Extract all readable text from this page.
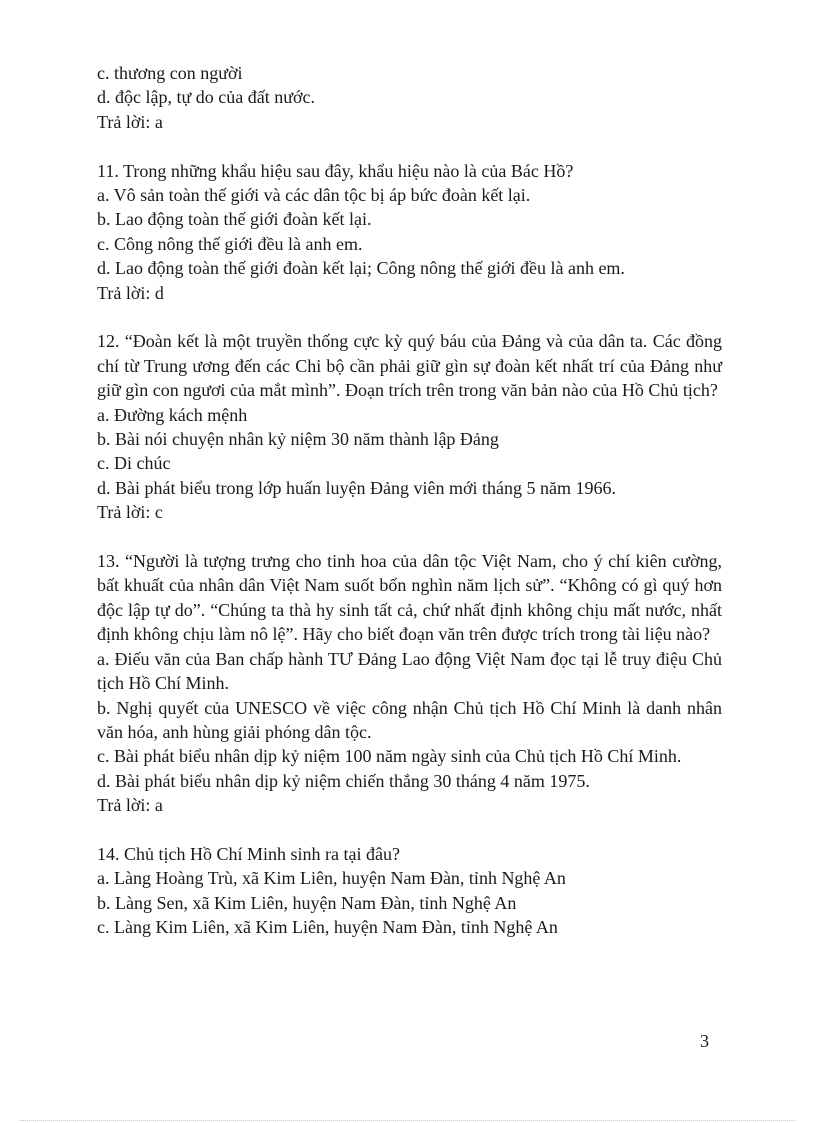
c. thương con người
d. độc lập, tự do của đất nước.
Trả lời: a
11. Trong những khẩu hiệu sau đây, khẩu hiệu nào là của Bác Hồ?
a. Vô sản toàn thế giới và các dân tộc bị áp bức đoàn kết lại.
b. Lao động toàn thế giới đoàn kết lại.
c. Công nông thế giới đều là anh em.
d. Lao động toàn thế giới đoàn kết lại; Công nông thế giới đều là anh em.
Trả lời: d
12. “Đoàn kết là một truyền thống cực kỳ quý báu của Đảng và của dân ta. Các đồng chí từ Trung ương đến các Chi bộ cần phải giữ gìn sự đoàn kết nhất trí của Đảng như giữ gìn con ngươi của mắt mình”. Đoạn trích trên trong văn bản nào của Hồ Chủ tịch?
a. Đường kách mệnh
b. Bài nói chuyện nhân kỷ niệm 30 năm thành lập Đảng
c. Di chúc
d. Bài phát biểu trong lớp huấn luyện Đảng viên mới tháng 5 năm 1966.
Trả lời: c
13. “Người là tượng trưng cho tinh hoa của dân tộc Việt Nam, cho ý chí kiên cường, bất khuất của nhân dân Việt Nam suốt bốn nghìn năm lịch sử”. “Không có gì quý hơn độc lập tự do”. “Chúng ta thà hy sinh tất cả, chứ nhất định không chịu mất nước, nhất định không chịu làm nô lệ”. Hãy cho biết đoạn văn trên được trích trong tài liệu nào?
a. Điếu văn của Ban chấp hành TƯ Đảng Lao động Việt Nam đọc tại lễ truy điệu Chủ tịch Hồ Chí Minh.
b. Nghị quyết của UNESCO về việc công nhận Chủ tịch Hồ Chí Minh là danh nhân văn hóa, anh hùng giải phóng dân tộc.
c. Bài phát biểu nhân dịp kỷ niệm 100 năm ngày sinh của Chủ tịch Hồ Chí Minh.
d. Bài phát biểu nhân dịp kỷ niệm chiến thắng 30 tháng 4 năm 1975.
Trả lời: a
14. Chủ tịch Hồ Chí Minh sinh ra tại đâu?
a. Làng Hoàng Trù, xã Kim Liên, huyện Nam Đàn, tỉnh Nghệ An
b. Làng Sen, xã Kim Liên, huyện Nam Đàn, tỉnh Nghệ An
c. Làng Kim Liên, xã Kim Liên, huyện Nam Đàn, tỉnh Nghệ An
3
